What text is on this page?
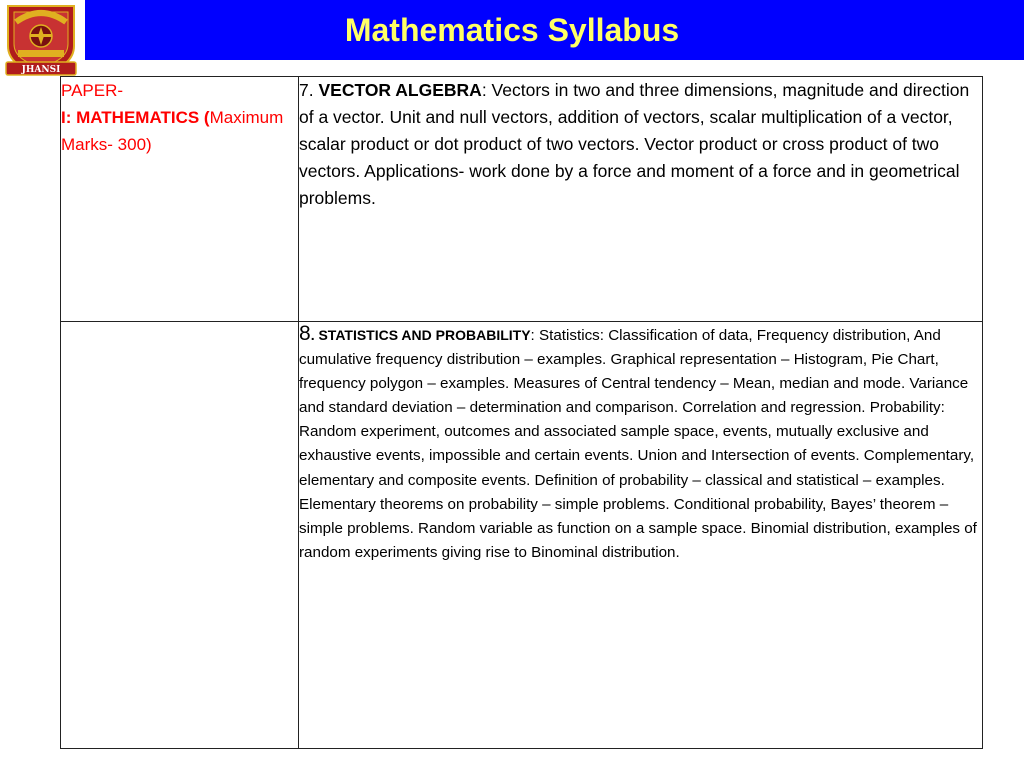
Mathematics Syllabus
JHANSI
PAPER-
I: MATHEMATICS (Maximum Marks- 300)	7. VECTOR ALGEBRA: Vectors in two and three dimensions, magnitude and direction of a vector. Unit and null vectors, addition of vectors, scalar multiplication of a vector, scalar product or dot product of two vectors. Vector product or cross product of two vectors. Applications- work done by a force and moment of a force and in geometrical problems.
	8. STATISTICS AND PROBABILITY: Statistics: Classification of data, Frequency distribution, And cumulative frequency distribution – examples. Graphical representation – Histogram, Pie Chart, frequency polygon – examples. Measures of Central tendency – Mean, median and mode. Variance and standard deviation – determination and comparison. Correlation and regression. Probability: Random experiment, outcomes and associated sample space, events, mutually exclusive and exhaustive events, impossible and certain events. Union and Intersection of events. Complementary, elementary and composite events. Definition of probability – classical and statistical – examples. Elementary theorems on probability – simple problems. Conditional probability, Bayes’ theorem – simple problems. Random variable as function on a sample space. Binomial distribution, examples of random experiments giving rise to Binominal distribution.
